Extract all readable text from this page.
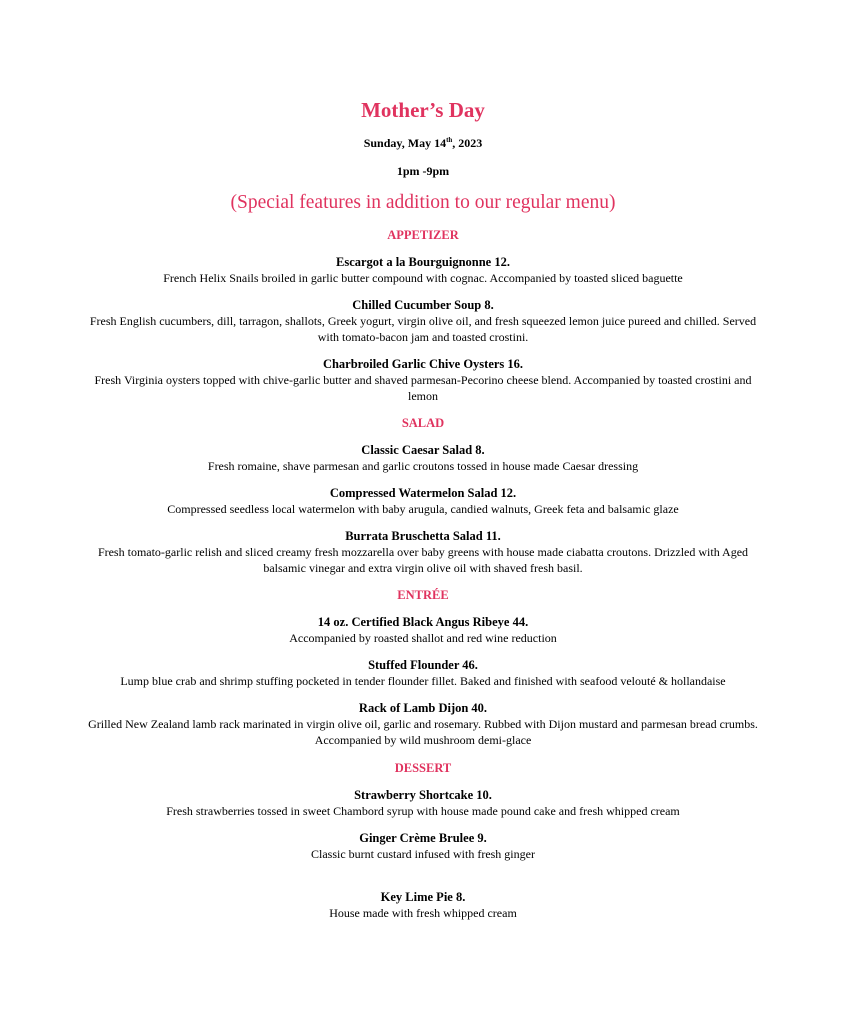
Mother’s Day
Sunday, May 14th, 2023
1pm -9pm
(Special features in addition to our regular menu)
APPETIZER
Escargot a la Bourguignonne 12.
French Helix Snails broiled in garlic butter compound with cognac. Accompanied by toasted sliced baguette
Chilled Cucumber Soup 8.
Fresh English cucumbers, dill, tarragon, shallots, Greek yogurt, virgin olive oil, and fresh squeezed lemon juice pureed and chilled. Served with tomato-bacon jam and toasted crostini.
Charbroiled Garlic Chive Oysters 16.
Fresh Virginia oysters topped with chive-garlic butter and shaved parmesan-Pecorino cheese blend. Accompanied by toasted crostini and lemon
SALAD
Classic Caesar Salad 8.
Fresh romaine, shave parmesan and garlic croutons tossed in house made Caesar dressing
Compressed Watermelon Salad 12.
Compressed seedless local watermelon with baby arugula, candied walnuts, Greek feta and balsamic glaze
Burrata Bruschetta Salad 11.
Fresh tomato-garlic relish and sliced creamy fresh mozzarella over baby greens with house made ciabatta croutons. Drizzled with Aged balsamic vinegar and extra virgin olive oil with shaved fresh basil.
ENTRÉE
14 oz. Certified Black Angus Ribeye 44.
Accompanied by roasted shallot and red wine reduction
Stuffed Flounder 46.
Lump blue crab and shrimp stuffing pocketed in tender flounder fillet. Baked and finished with seafood velouté & hollandaise
Rack of Lamb Dijon 40.
Grilled New Zealand lamb rack marinated in virgin olive oil, garlic and rosemary. Rubbed with Dijon mustard and parmesan bread crumbs. Accompanied by wild mushroom demi-glace
DESSERT
Strawberry Shortcake 10.
Fresh strawberries tossed in sweet Chambord syrup with house made pound cake and fresh whipped cream
Ginger Crème Brulee 9.
Classic burnt custard infused with fresh ginger
Key Lime Pie 8.
House made with fresh whipped cream
